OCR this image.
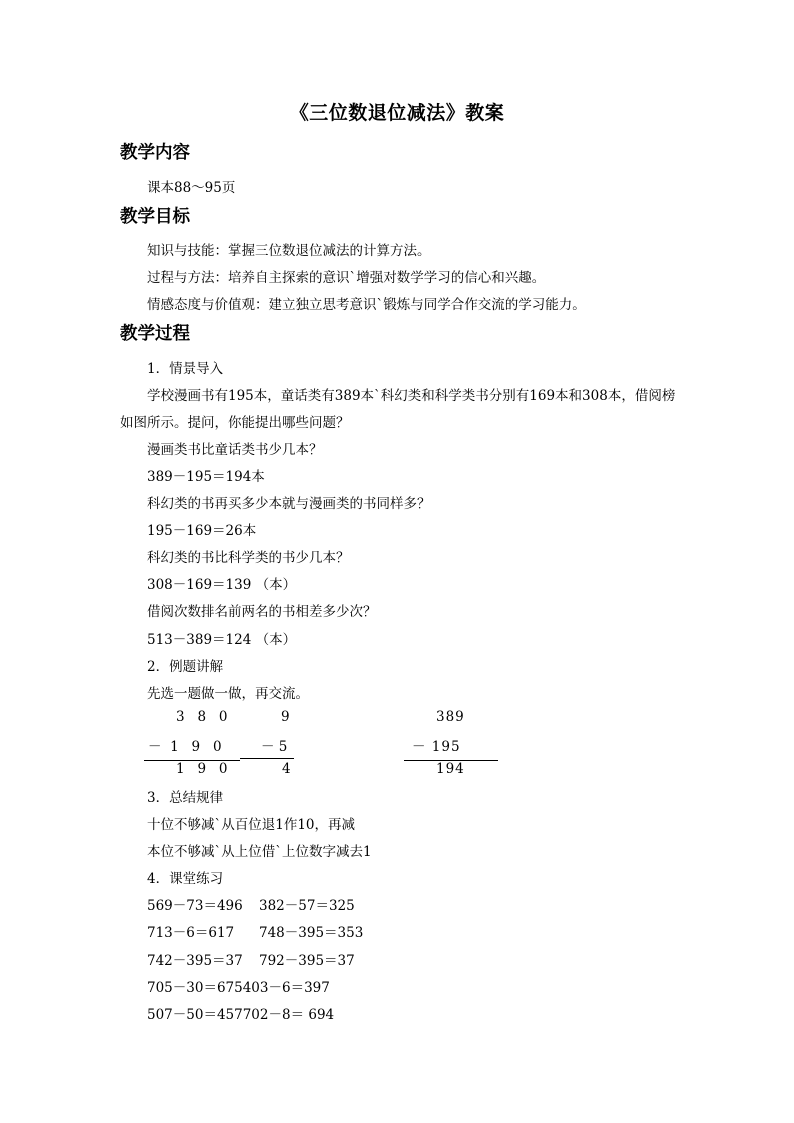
《三位数退位减法》教案
教学内容
课本88～95页
教学目标
知识与技能：掌握三位数退位减法的计算方法。
过程与方法：培养自主探索的意识`增强对数学学习的信心和兴趣。
情感态度与价值观：建立独立思考意识`锻炼与同学合作交流的学习能力。
教学过程
1．情景导入
学校漫画书有195本，童话类有389本`科幻类和科学类书分别有169本和308本，借阅榜
如图所示。提问，你能提出哪些问题？
漫画类书比童话类书少几本？
389－195＝194本
科幻类的书再买多少本就与漫画类的书同样多？
195－169＝26本
科幻类的书比科学类的书少几本？
308－169＝139 （本）
借阅次数排名前两名的书相差多少次？
513－389＝124 （本）
2．例题讲解
先选一题做一做，再交流。
3   8   0
－  1   9   0
1   9   0
9
－ 5
4
389
－ 195
194
3．总结规律
十位不够减`从百位退1作10，再减
本位不够减`从上位借`上位数字减去1
4．课堂练习
569－73＝496 382－57＝325
713－6＝617 748－395＝353
742－395＝37 792－395＝37
705－30＝675403－6＝397
507－50＝457702－8＝ 694
